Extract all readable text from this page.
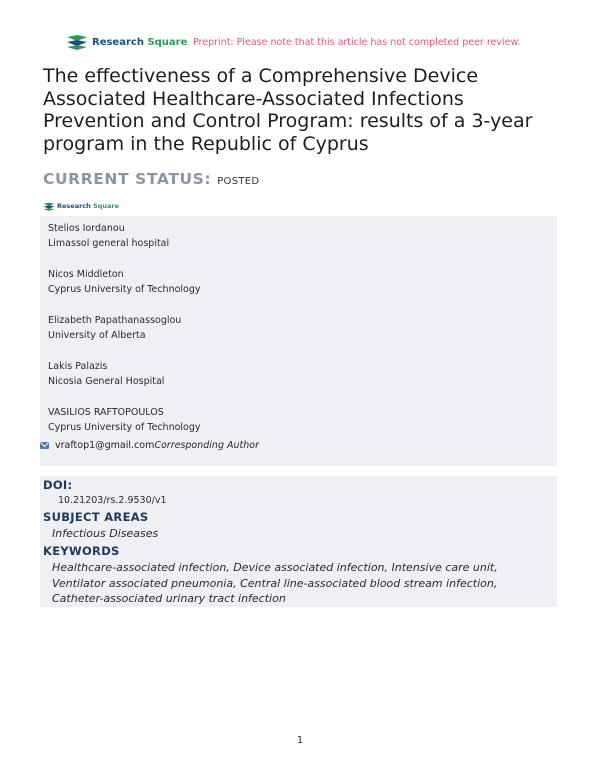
Research Square Preprint: Please note that this article has not completed peer review.
The effectiveness of a Comprehensive Device Associated Healthcare-Associated Infections Prevention and Control Program: results of a 3-year program in the Republic of Cyprus
CURRENT STATUS: POSTED
Research Square
Stelios Iordanou
Limassol general hospital
Nicos Middleton
Cyprus University of Technology
Elizabeth Papathanassoglou
University of Alberta
Lakis Palazis
Nicosia General Hospital
VASILIOS RAFTOPOULOS
Cyprus University of Technology
vraftop1@gmail.com Corresponding Author
DOI:
10.21203/rs.2.9530/v1
SUBJECT AREAS
Infectious Diseases
KEYWORDS
Healthcare-associated infection, Device associated infection, Intensive care unit, Ventilator associated pneumonia, Central line-associated blood stream infection, Catheter-associated urinary tract infection
1
